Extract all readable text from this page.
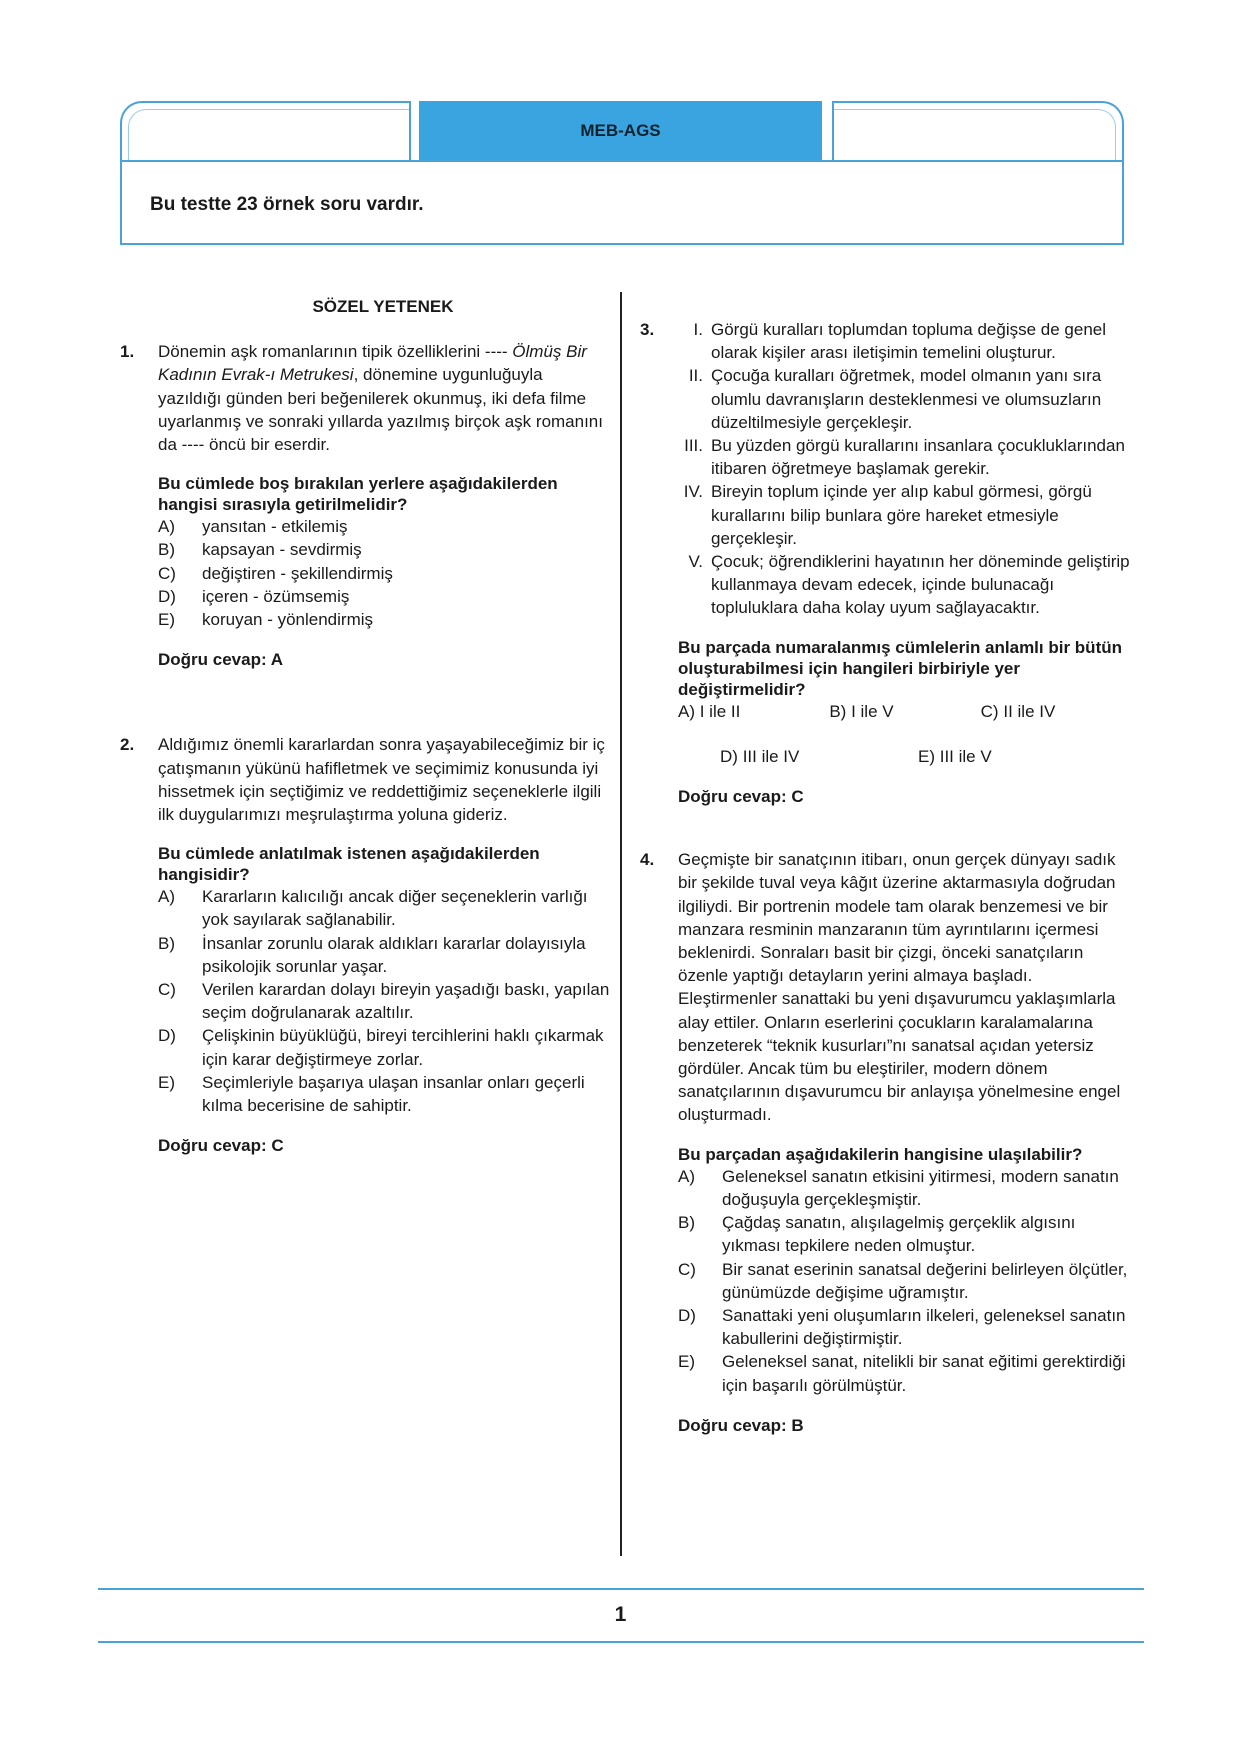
MEB-AGS
Bu testte 23 örnek soru vardır.
SÖZEL YETENEK
1. Dönemin aşk romanlarının tipik özelliklerini ---- Ölmüş Bir Kadının Evrak-ı Metrukesi, dönemine uygunluğuyla yazıldığı günden beri beğenilerek okunmuş, iki defa filme uyarlanmış ve sonraki yıllarda yazılmış birçok aşk romanını da ---- öncü bir eserdir.

Bu cümlede boş bırakılan yerlere aşağıdakilerden hangisi sırasıyla getirilmelidir?

A) yansıtan - etkilemiş
B) kapsayan - sevdirmiş
C) değiştiren - şekillendirmiş
D) içeren - özümsemiş
E) koruyan - yönlendirmiş
Doğru cevap: A
2. Aldığımız önemli kararlardan sonra yaşayabileceğimiz bir iç çatışmanın yükünü hafifletmek ve seçimimiz konusunda iyi hissetmek için seçtiğimiz ve reddettiğimiz seçeneklerle ilgili ilk duygularımızı meşrulaştırma yoluna gideriz.

Bu cümlede anlatılmak istenen aşağıdakilerden hangisidir?

A) Kararların kalıcılığı ancak diğer seçeneklerin varlığı yok sayılarak sağlanabilir.
B) İnsanlar zorunlu olarak aldıkları kararlar dolayısıyla psikolojik sorunlar yaşar.
C) Verilen karardan dolayı bireyin yaşadığı baskı, yapılan seçim doğrulanarak azaltılır.
D) Çelişkinin büyüklüğü, bireyi tercihlerini haklı çıkarmak için karar değiştirmeye zorlar.
E) Seçimleriyle başarıya ulaşan insanlar onları geçerli kılma becerisine de sahiptir.
Doğru cevap: C
3.	I. Görgü kuralları toplumdan topluma değişse de genel olarak kişiler arası iletişimin temelini oluşturur.
II. Çocuğa kuralları öğretmek, model olmanın yanı sıra olumlu davranışların desteklenmesi ve olumsuzların düzeltilmesiyle gerçekleşir.
III. Bu yüzden görgü kurallarını insanlara çocukluklarından itibaren öğretmeye başlamak gerekir.
IV. Bireyin toplum içinde yer alıp kabul görmesi, görgü kurallarını bilip bunlara göre hareket etmesiyle gerçekleşir.
V. Çocuk; öğrendiklerini hayatının her döneminde geliştirip kullanmaya devam edecek, içinde bulunacağı topluluklara daha kolay uyum sağlayacaktır.

Bu parçada numaralanmış cümlelerin anlamlı bir bütün oluşturabilmesi için hangileri birbiriyle yer değiştirmelidir?

A) I ile II	B) I ile V	C) II ile IV
D) III ile IV	E) III ile V
Doğru cevap: C
4. Geçmişte bir sanatçının itibarı, onun gerçek dünyayı sadık bir şekilde tuval veya kâğıt üzerine aktarmasıyla doğrudan ilgiliydi. Bir portrenin modele tam olarak benzemesi ve bir manzara resminin manzaranın tüm ayrıntılarını içermesi beklenirdi. Sonraları basit bir çizgi, önceki sanatçıların özenle yaptığı detayların yerini almaya başladı. Eleştirmenler sanattaki bu yeni dışavurumcu yaklaşımlarla alay ettiler. Onların eserlerini çocukların karalamalarına benzeterek “teknik kusurları”nı sanatsal açıdan yetersiz gördüler. Ancak tüm bu eleştiriler, modern dönem sanatçılarının dışavurumcu bir anlayışa yönelmesine engel oluşturmadı.

Bu parçadan aşağıdakilerin hangisine ulaşılabilir?

A) Geleneksel sanatın etkisini yitirmesi, modern sanatın doğuşuyla gerçekleşmiştir.
B) Çağdaş sanatın, alışılagelmiş gerçeklik algısını yıkması tepkilere neden olmuştur.
C) Bir sanat eserinin sanatsal değerini belirleyen ölçütler, günümüzde değişime uğramıştır.
D) Sanattaki yeni oluşumların ilkeleri, geleneksel sanatın kabullerini değiştirmiştir.
E) Geleneksel sanat, nitelikli bir sanat eğitimi gerektirdiği için başarılı görülmüştür.
Doğru cevap: B
1
